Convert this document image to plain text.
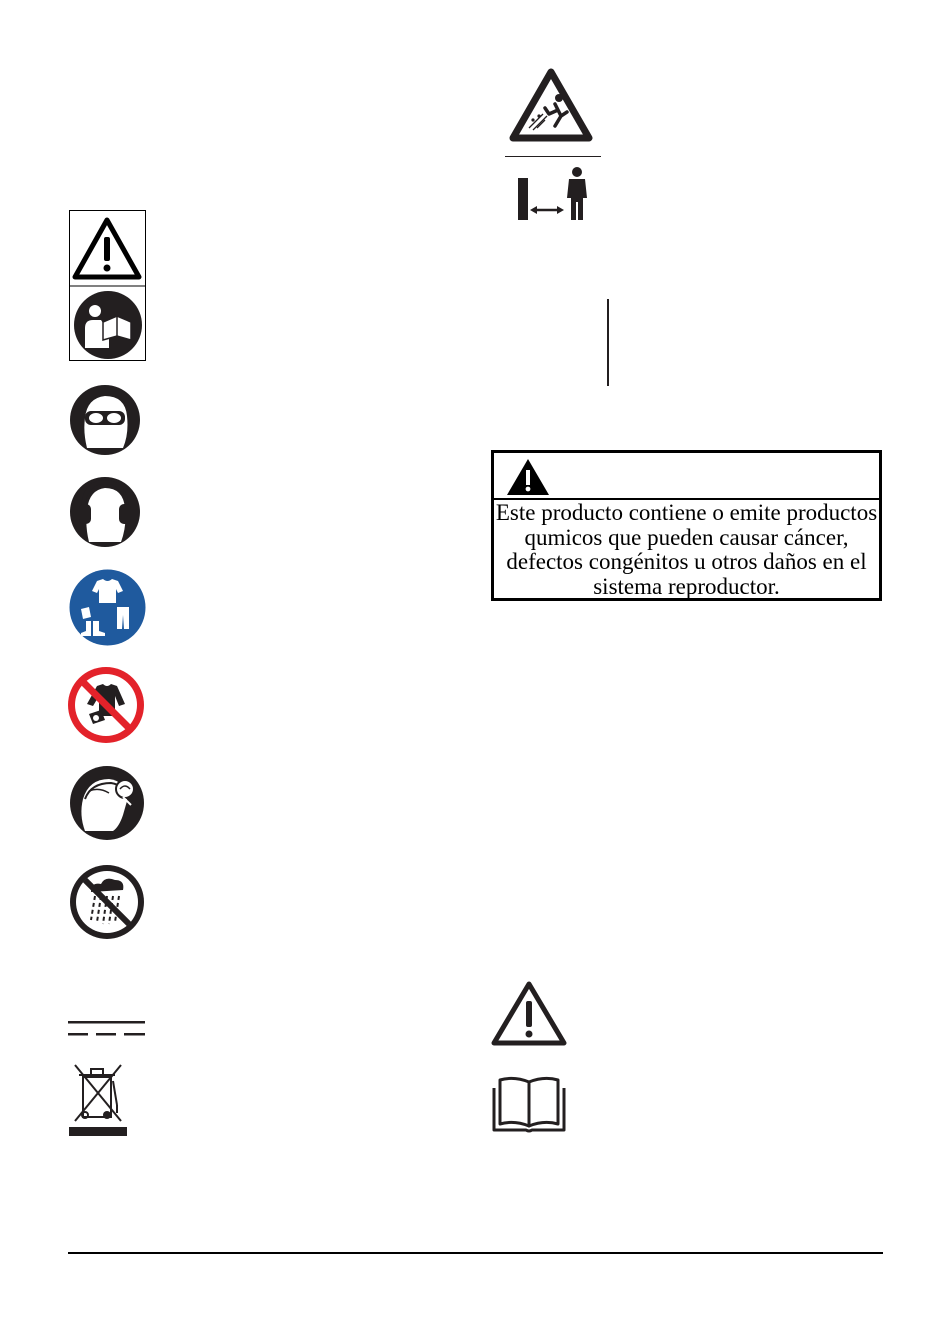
Este producto contiene o emite productos qumicos que pueden causar cáncer, defectos congénitos u otros daños en el sistema reproductor.
